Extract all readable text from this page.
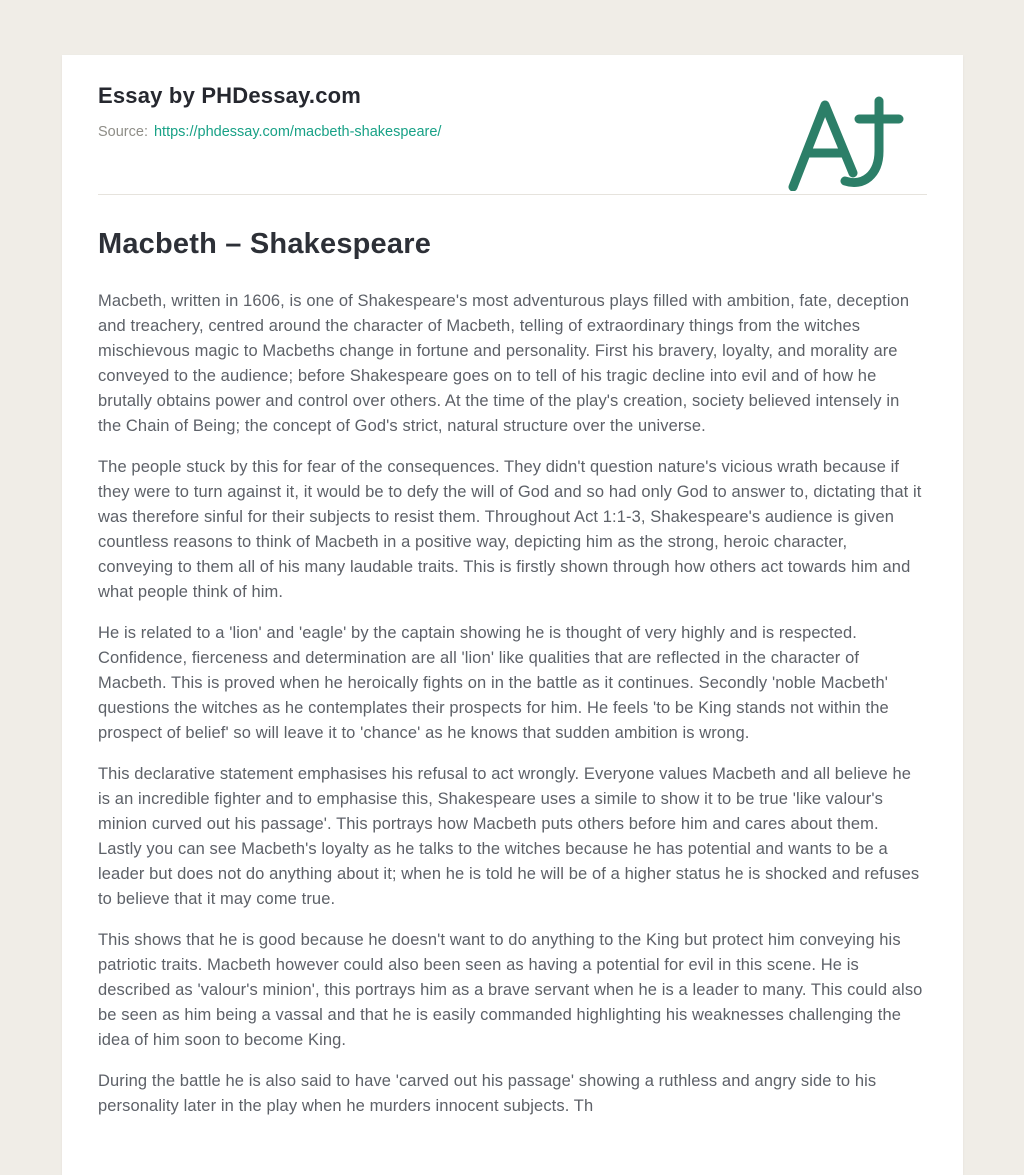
Essay by PHDessay.com
Source: https://phdessay.com/macbeth-shakespeare/
Macbeth – Shakespeare

Macbeth, written in 1606, is one of Shakespeare's most adventurous plays filled with ambition, fate, deception and treachery, centred around the character of Macbeth, telling of extraordinary things from the witches mischievous magic to Macbeths change in fortune and personality. First his bravery, loyalty, and morality are conveyed to the audience; before Shakespeare goes on to tell of his tragic decline into evil and of how he brutally obtains power and control over others. At the time of the play's creation, society believed intensely in the Chain of Being; the concept of God's strict, natural structure over the universe.

The people stuck by this for fear of the consequences. They didn't question nature's vicious wrath because if they were to turn against it, it would be to defy the will of God and so had only God to answer to, dictating that it was therefore sinful for their subjects to resist them. Throughout Act 1:1-3, Shakespeare's audience is given countless reasons to think of Macbeth in a positive way, depicting him as the strong, heroic character, conveying to them all of his many laudable traits. This is firstly shown through how others act towards him and what people think of him.

He is related to a 'lion' and 'eagle' by the captain showing he is thought of very highly and is respected. Confidence, fierceness and determination are all 'lion' like qualities that are reflected in the character of Macbeth. This is proved when he heroically fights on in the battle as it continues. Secondly 'noble Macbeth' questions the witches as he contemplates their prospects for him. He feels 'to be King stands not within the prospect of belief' so will leave it to 'chance' as he knows that sudden ambition is wrong.

This declarative statement emphasises his refusal to act wrongly. Everyone values Macbeth and all believe he is an incredible fighter and to emphasise this, Shakespeare uses a simile to show it to be true 'like valour's minion curved out his passage'. This portrays how Macbeth puts others before him and cares about them. Lastly you can see Macbeth's loyalty as he talks to the witches because he has potential and wants to be a leader but does not do anything about it; when he is told he will be of a higher status he is shocked and refuses to believe that it may come true.

This shows that he is good because he doesn't want to do anything to the King but protect him conveying his patriotic traits. Macbeth however could also been seen as having a potential for evil in this scene. He is described as 'valour's minion', this portrays him as a brave servant when he is a leader to many. This could also be seen as him being a vassal and that he is easily commanded highlighting his weaknesses challenging the idea of him soon to become King.

During the battle he is also said to have 'carved out his passage' showing a ruthless and angry side to his personality later in the play when he murders innocent subjects. Th
